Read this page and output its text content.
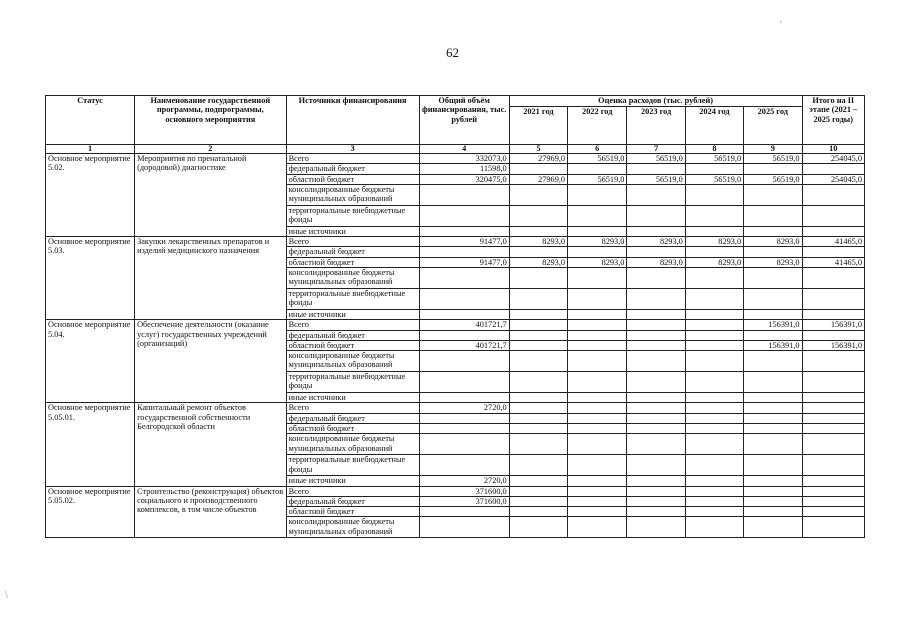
62
Статус	Наименование государственной программы, подпрограммы, основного мероприятия	Источники финансирования	Общий объём финансирования, тыс. рублей	Оценка расходов (тыс. рублей)					Итого на II этапе (2021 – 2025 годы)
				2021 год	2022 год	2023 год	2024 год	2025 год	
1	2	3	4	5	6	7	8	9	10
Основное мероприятие 5.02.	Мероприятия по пренатальной (дородовой) диагностике	Всего	332073,0	27969,0	56519,0	56519,0	56519,0	56519,0	254045,0
		федеральный бюджет	11598,0						
		областной бюджет	320475,0	27969,0	56519,0	56519,0	56519,0	56519,0	254045,0
		консолидированные бюджеты муниципальных образований							
		территориальные внебюджетные фонды							
		иные источники							
Основное мероприятие 5.03.	Закупки лекарственных препаратов и изделий медицинского назначения	Всего	91477,0	8293,0	8293,0	8293,0	8293,0	8293,0	41465,0
		федеральный бюджет							
		областной бюджет	91477,0	8293,0	8293,0	8293,0	8293,0	8293,0	41465,0
		консолидированные бюджеты муниципальных образований							
		территориальные внебюджетные фонды							
		иные источники							
Основное мероприятие 5.04.	Обеспечение деятельности (оказание услуг) государственных учреждений (организаций)	Всего	401721,7					156391,0	156391,0
		федеральный бюджет							
		областной бюджет	401721,7					156391,0	156391,0
		консолидированные бюджеты муниципальных образований							
		территориальные внебюджетные фонды							
		иные источники							
Основное мероприятие 5.05.01.	Капитальный ремонт объектов государственной собственности Белгородской области	Всего	2720,0						
		федеральный бюджет							
		областной бюджет							
		консолидированные бюджеты муниципальных образований							
		территориальные внебюджетные фонды							
		иные источники	2720,0						
Основное мероприятие 5.05.02.	Строительство (реконструкция) объектов социального и производственного комплексов, в том числе объектов	Всего	371600,0						
		федеральный бюджет	371600,0						
		областной бюджет							
		консолидированные бюджеты муниципальных образований							
'
\
